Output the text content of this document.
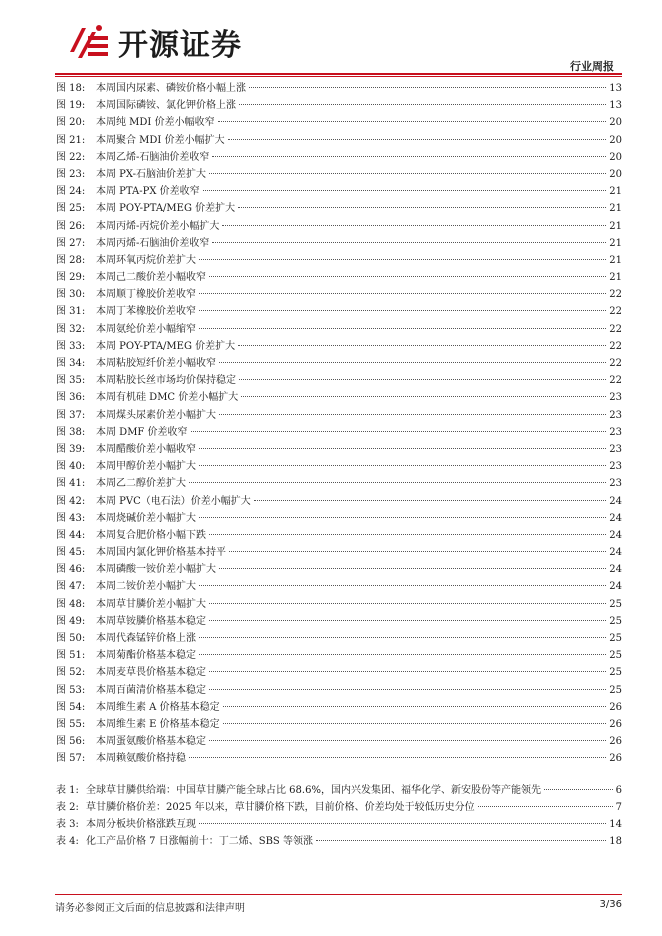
开源证券
行业周报
图 18:	本周国内尿素、磷铵价格小幅上涨	13
图 19:	本周国际磷铵、氯化钾价格上涨	13
图 20:	本周纯 MDI 价差小幅收窄	20
图 21:	本周聚合 MDI 价差小幅扩大	20
图 22:	本周乙烯-石脑油价差收窄	20
图 23:	本周 PX-石脑油价差扩大	20
图 24:	本周 PTA-PX 价差收窄	21
图 25:	本周 POY-PTA/MEG 价差扩大	21
图 26:	本周丙烯-丙烷价差小幅扩大	21
图 27:	本周丙烯-石脑油价差收窄	21
图 28:	本周环氧丙烷价差扩大	21
图 29:	本周己二酸价差小幅收窄	21
图 30:	本周顺丁橡胶价差收窄	22
图 31:	本周丁苯橡胶价差收窄	22
图 32:	本周氨纶价差小幅缩窄	22
图 33:	本周 POY-PTA/MEG 价差扩大	22
图 34:	本周粘胶短纤价差小幅收窄	22
图 35:	本周粘胶长丝市场均价保持稳定	22
图 36:	本周有机硅 DMC 价差小幅扩大	23
图 37:	本周煤头尿素价差小幅扩大	23
图 38:	本周 DMF 价差收窄	23
图 39:	本周醋酸价差小幅收窄	23
图 40:	本周甲醇价差小幅扩大	23
图 41:	本周乙二醇价差扩大	23
图 42:	本周 PVC（电石法）价差小幅扩大	24
图 43:	本周烧碱价差小幅扩大	24
图 44:	本周复合肥价格小幅下跌	24
图 45:	本周国内氯化钾价格基本持平	24
图 46:	本周磷酸一铵价差小幅扩大	24
图 47:	本周二铵价差小幅扩大	24
图 48:	本周草甘膦价差小幅扩大	25
图 49:	本周草铵膦价格基本稳定	25
图 50:	本周代森锰锌价格上涨	25
图 51:	本周菊酯价格基本稳定	25
图 52:	本周麦草畏价格基本稳定	25
图 53:	本周百菌清价格基本稳定	25
图 54:	本周维生素 A 价格基本稳定	26
图 55:	本周维生素 E 价格基本稳定	26
图 56:	本周蛋氨酸价格基本稳定	26
图 57:	本周赖氨酸价格持稳	26
表 1: 全球草甘膦供给端：中国草甘膦产能全球占比 68.6%，国内兴发集团、福华化学、新安股份等产能领先	6
表 2: 草甘膦价格价差：2025 年以来，草甘膦价格下跌，目前价格、价差均处于较低历史分位	7
表 3: 本周分板块价格涨跌互现	14
表 4: 化工产品价格 7 日涨幅前十：丁二烯、SBS 等领涨	18
请务必参阅正文后面的信息披露和法律声明	3/36
